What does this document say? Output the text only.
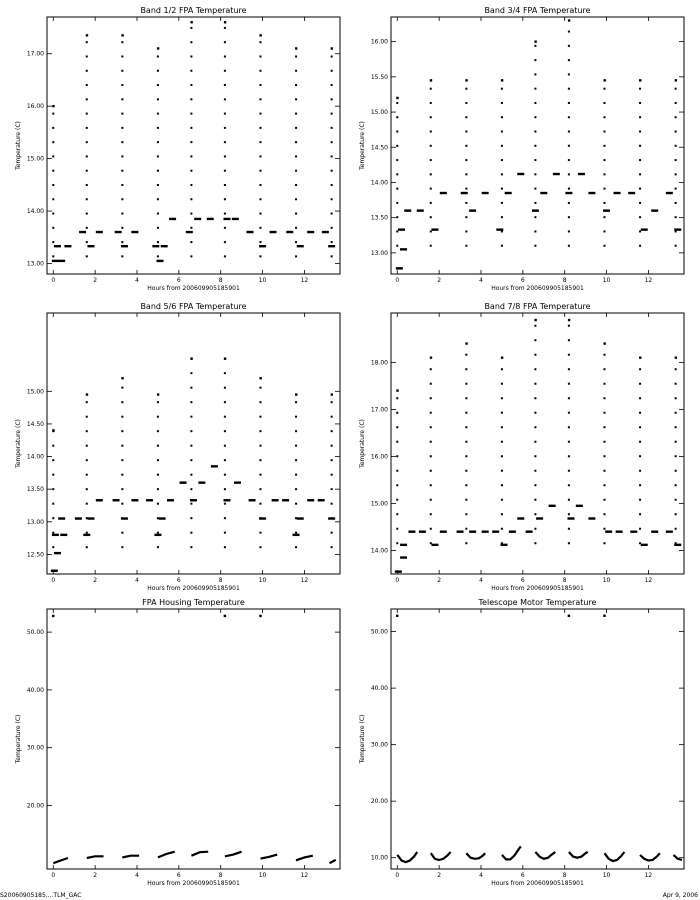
Band 1/2 FPA Temperature
Hours from 200609905185901
Temperature (C)
0	2	4	6	8	10	12
13.00
14.00
15.00
16.00
17.00
Band 3/4 FPA Temperature
Hours from 200609905185901
Temperature (C)
0	2	4	6	8	10	12
13.00
13.50
14.00
14.50
15.00
15.50
16.00
Band 5/6 FPA Temperature
Hours from 200609905185901
Temperature (C)
0	2	4	6	8	10	12
12.50
13.00
13.50
14.00
14.50
15.00
Band 7/8 FPA Temperature
Hours from 200609905185901
Temperature (C)
0	2	4	6	8	10	12
14.00
15.00
16.00
17.00
18.00
FPA Housing Temperature
Hours from 200609905185901
Temperature (C)
0	2	4	6	8	10	12
20.00
30.00
40.00
50.00
Telescope Motor Temperature
Hours from 200609905185901
Temperature (C)
0	2	4	6	8	10	12
10.00
20.00
30.00
40.00
50.00
S20060905185....TLM_GAC	Apr 9, 2006
